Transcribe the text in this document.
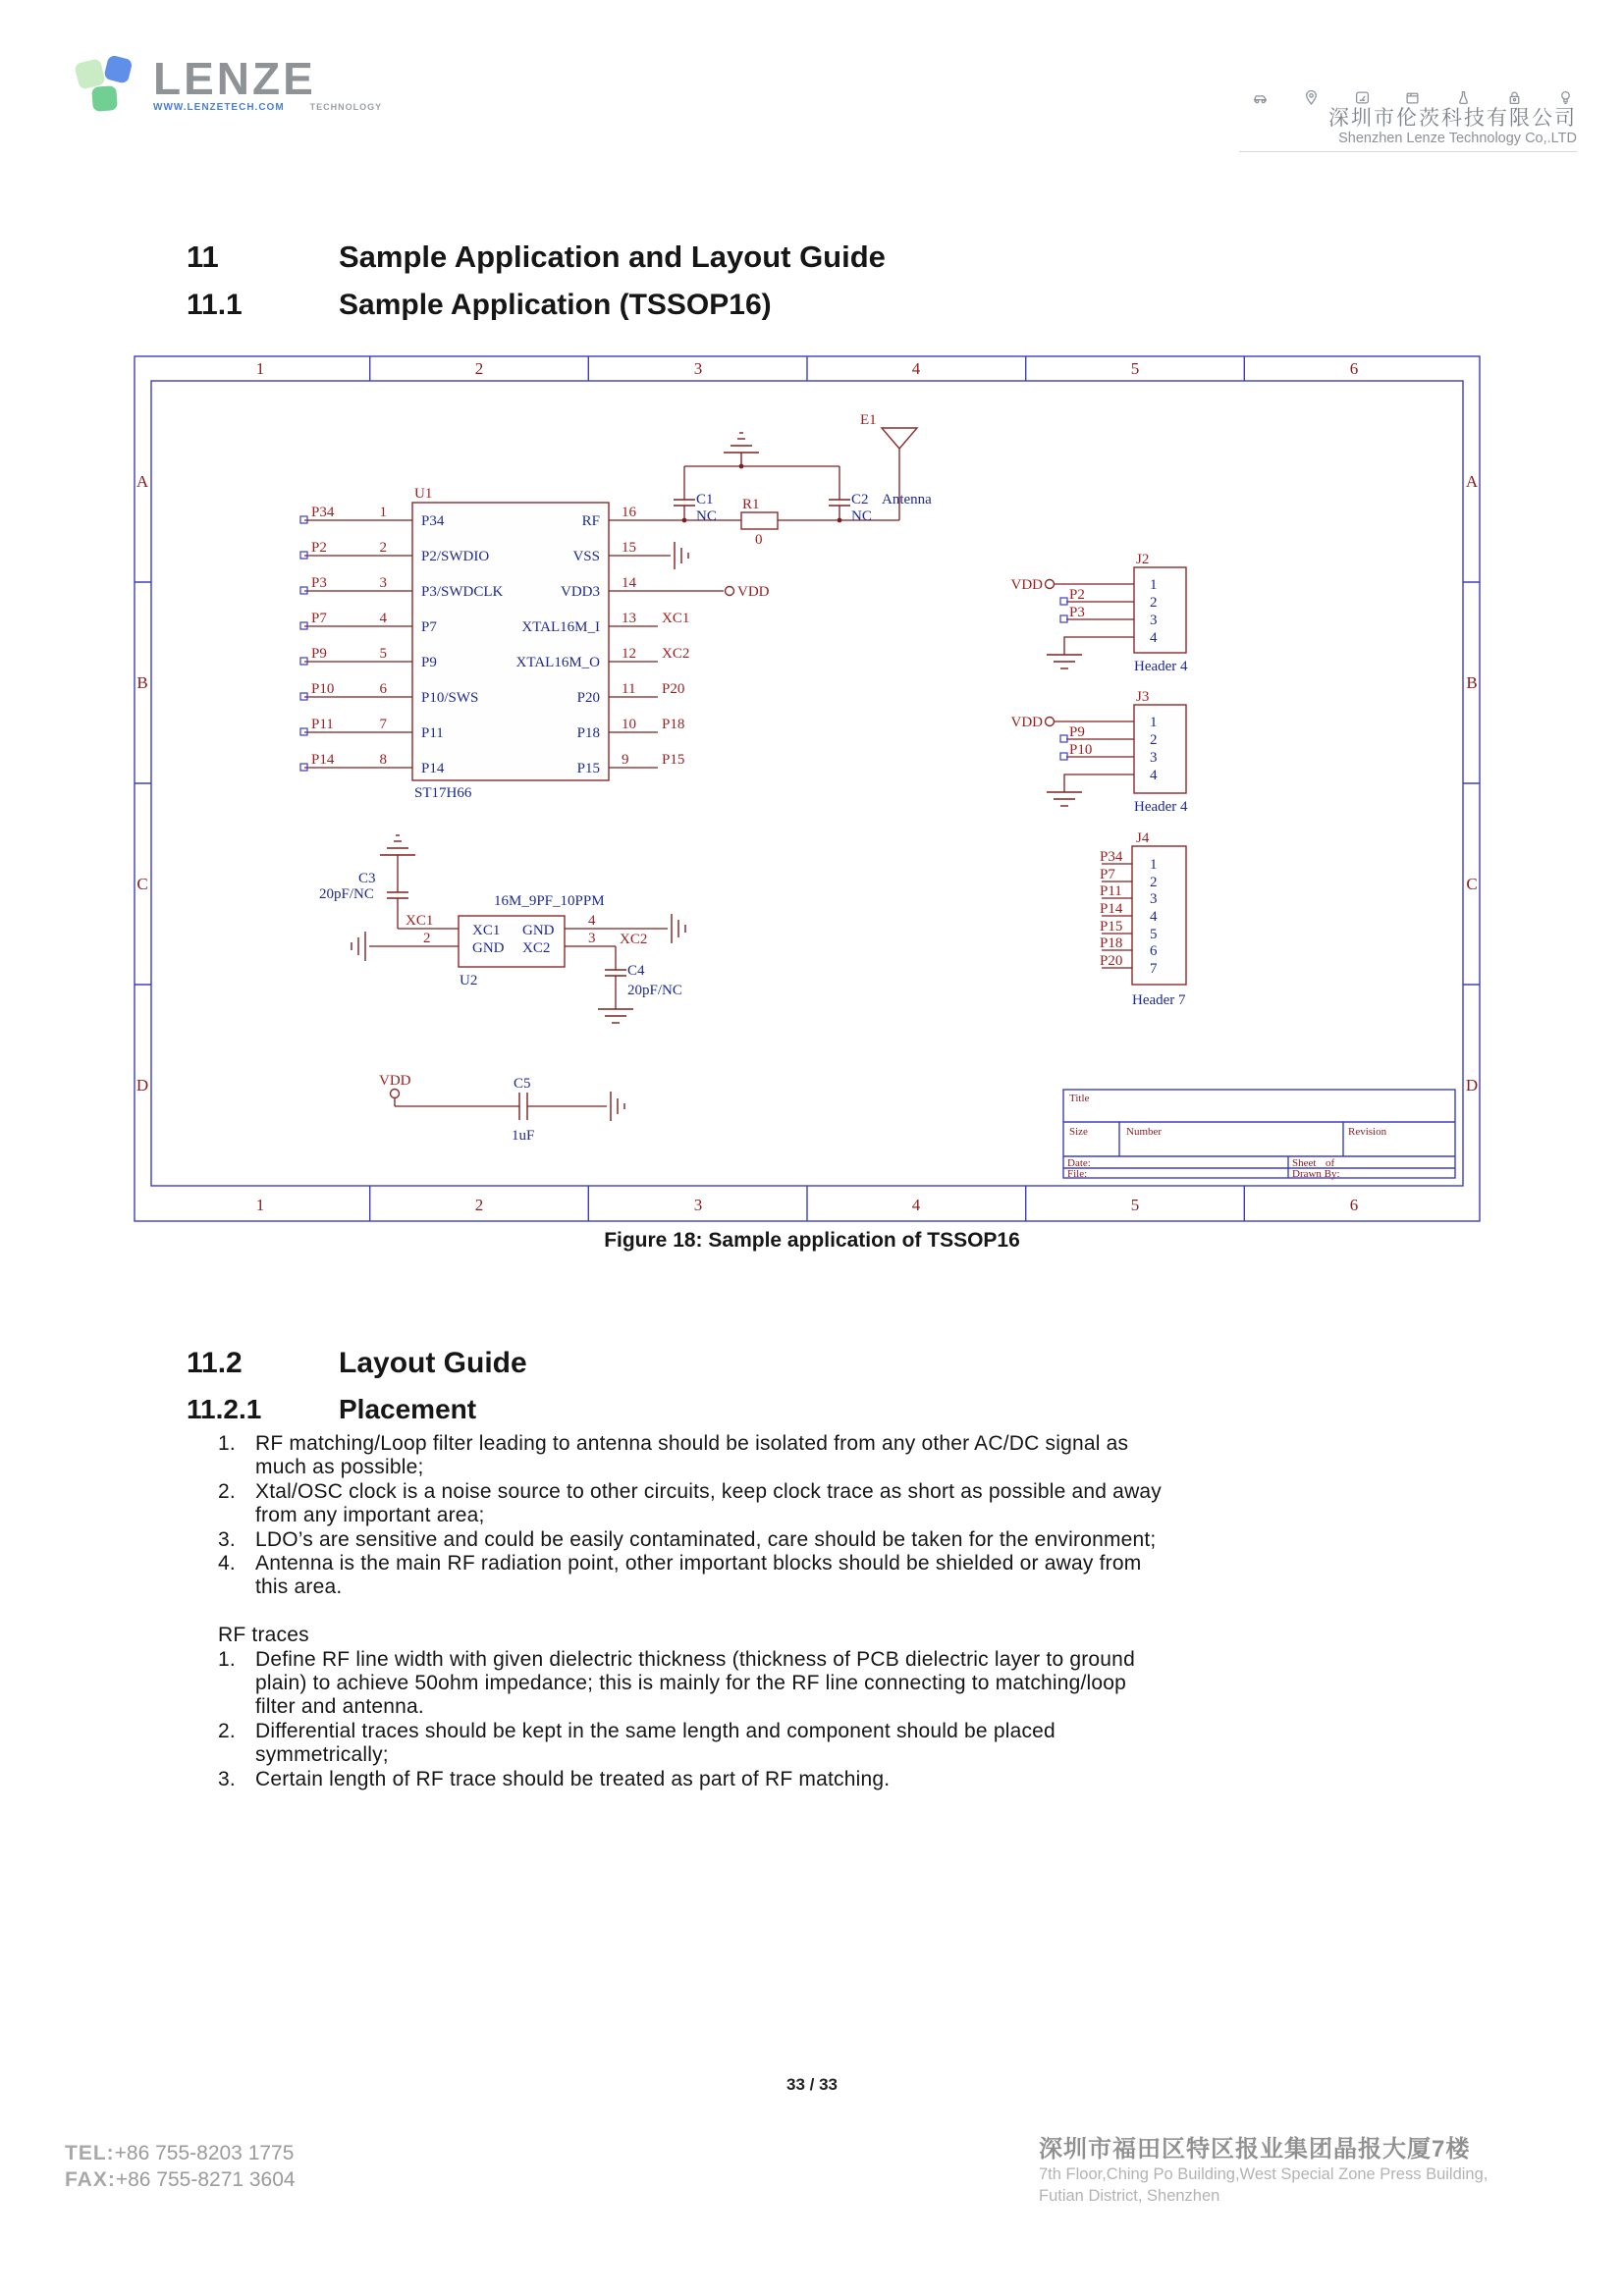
LENZE
WWW.LENZETECH.COM	TECHNOLOGY	深圳市伦茨科技有限公司
Shenzhen Lenze Technology Co,.LTD
11	Sample Application and Layout Guide
11.1	Sample Application (TSSOP16)
1	2	3	4	5	6
1	2	3	4	5	6
A
B
C
D
A
B
C
D
U1
ST17H66
P34	1
P34
P2	2
P2/SWDIO
P3	3
P3/SWDCLK
P7	4
P7
P9	5
P9
P10	6
P10/SWS
P11	7
P11
P14	8
P14
16
RF
15
VSS
14
VDD3	VDD
13
XTAL16M_I
XC1
12
XTAL16M_O
XC2
11
P20
P20
10
P18
P18
9
P15
P15
C1
NC
R1
0
C2
NC
E1
Antenna
J2
1
2
3
4
VDD
P2
P3
Header 4
J3
1
2
3
4
VDD
P9
P10
Header 4
J4
1
2
3
4
5
6
7
P34
P7
P11
P14
P15
P18
P20
Header 7
16M_9PF_10PPM
U2
XC1 GND
GND XC2
XC1
2
4
3 XC2
C3
20pF/NC
C4
20pF/NC
VDD	C5
1uF
Title
Size	Number	Revision
Date:	Sheet of
File:	Drawn By:
Figure 18: Sample application of TSSOP16
11.2	Layout Guide
11.2.1	Placement
1. RF matching/Loop filter leading to antenna should be isolated from any other AC/DC signal as
much as possible;
2. Xtal/OSC clock is a noise source to other circuits, keep clock trace as short as possible and away
from any important area;
3. LDO’s are sensitive and could be easily contaminated, care should be taken for the environment;
4. Antenna is the main RF radiation point, other important blocks should be shielded or away from
this area.
RF traces
1. Define RF line width with given dielectric thickness (thickness of PCB dielectric layer to ground
plain) to achieve 50ohm impedance; this is mainly for the RF line connecting to matching/loop
filter and antenna.
2. Differential traces should be kept in the same length and component should be placed
symmetrically;
3. Certain length of RF trace should be treated as part of RF matching.
33 / 33
TEL:+86 755-8203 1775
FAX:+86 755-8271 3604
深圳市福田区特区报业集团晶报大厦7楼
7th Floor,Ching Po Building,West Special Zone Press Building,
Futian District, Shenzhen
